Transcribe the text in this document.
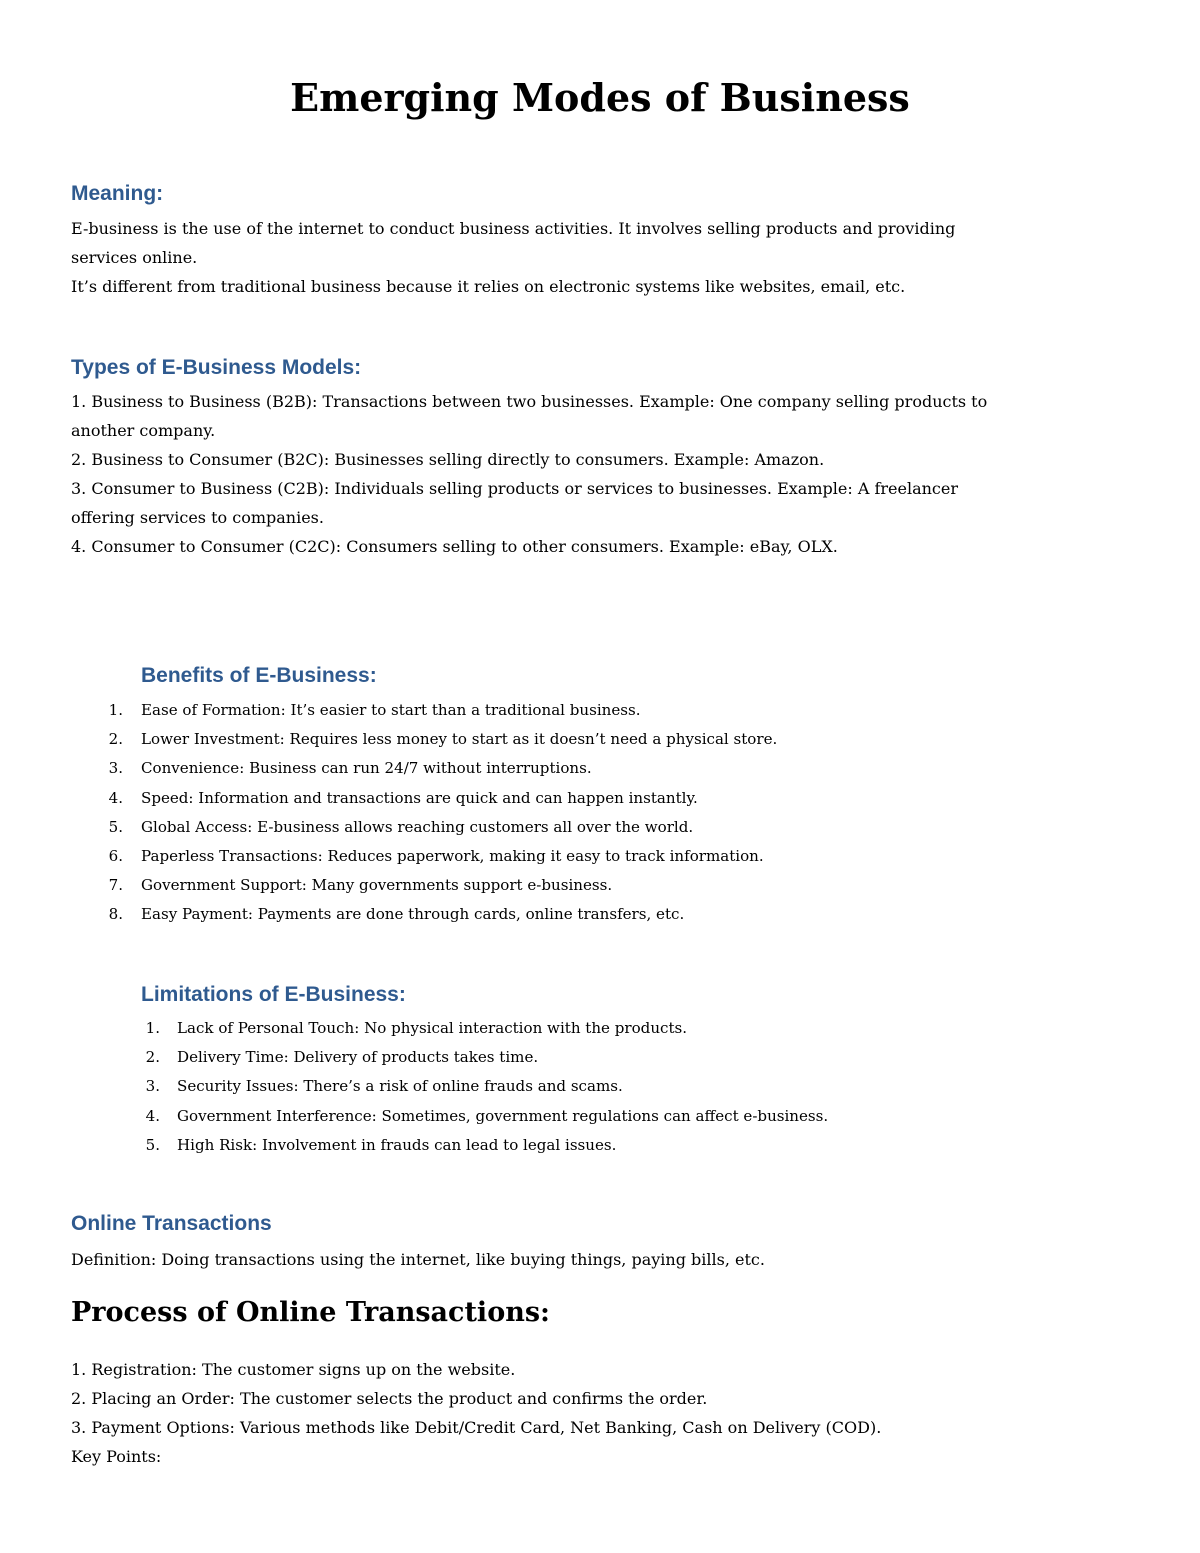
Emerging Modes of Business
Meaning:

E-business is the use of the internet to conduct business activities. It involves selling products and providing

services online.

It’s different from traditional business because it relies on electronic systems like websites, email, etc.

Types of E-Business Models:

1. Business to Business (B2B): Transactions between two businesses. Example: One company selling products to

another company.

2. Business to Consumer (B2C): Businesses selling directly to consumers. Example: Amazon.

3. Consumer to Business (C2B): Individuals selling products or services to businesses. Example: A freelancer

offering services to companies.

4. Consumer to Consumer (C2C): Consumers selling to other consumers. Example: eBay, OLX.

Benefits of E-Business:
1. Ease of Formation: It’s easier to start than a traditional business.
2. Lower Investment: Requires less money to start as it doesn’t need a physical store.
3. Convenience: Business can run 24/7 without interruptions.
4. Speed: Information and transactions are quick and can happen instantly.
5. Global Access: E-business allows reaching customers all over the world.
6. Paperless Transactions: Reduces paperwork, making it easy to track information.
7. Government Support: Many governments support e-business.
8. Easy Payment: Payments are done through cards, online transfers, etc.
Limitations of E-Business:
1. Lack of Personal Touch: No physical interaction with the products.
2. Delivery Time: Delivery of products takes time.
3. Security Issues: There’s a risk of online frauds and scams.
4. Government Interference: Sometimes, government regulations can affect e-business.
5. High Risk: Involvement in frauds can lead to legal issues.
Online Transactions

Definition: Doing transactions using the internet, like buying things, paying bills, etc.

Process of Online Transactions:

1. Registration: The customer signs up on the website.

2. Placing an Order: The customer selects the product and confirms the order.

3. Payment Options: Various methods like Debit/Credit Card, Net Banking, Cash on Delivery (COD).

Key Points:
